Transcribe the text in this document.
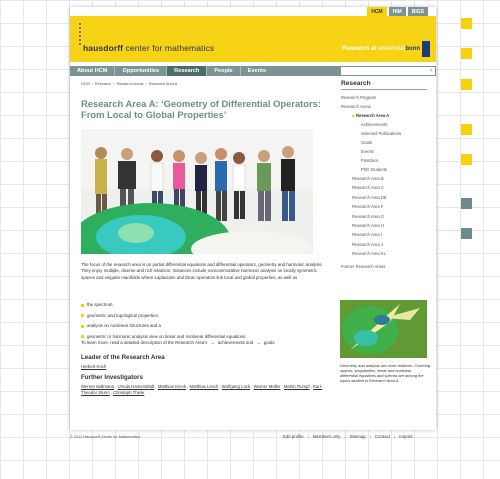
HCM	HIM	BIGS
hausdorff center for mathematics	Research at universitätbonn
About HCM	Opportunities	Research	People	Events	›
HCM › Research › Research Areas › Research Area A
Research Area A: ‘Geometry of Differential Operators: From Local to Global Properties’

The focus of the research area is on partial differential equations and differential operators, geometry and harmonic analysis. They enjoy multiple, diverse and rich relations. Instances include noncommutative harmonic analysis on locally symmetric spaces and singular manifolds where Laplacians and Dirac operators link local and global properties, as well as

the spectrum,
geometric and topological properties,
analysis on nonlinear structures and a
geometric or harmonic analysis view on linear and nonlinear differential equations.
To learn more, read a detailed description of the Research Area’s → achievements and → goals.
Leader of the Research Area
Herbert Koch
Further Investigators
Werner Ballmann, Ursula Hamenstädt, Matthias Kreck, Matthias Lesch, Wolfgang Lück, Werner Müller, Martin Rumpf, Karl-Theodor Sturm, Christoph Thiele
Research
Research Program
Research Areas
Research Area A
Achievements
Selected Publications
Goals
Events
Postdocs
PhD Students
Research Area B
Research Area C
Research Area DE
Research Area F
Research Area G
Research Area H
Research Area I
Research Area J
Research Area KL
Former Research Areas

Geometry and analysis are close relatives. Covering spaces, singularities, linear and nonlinear differential equations and spectra are among the topics studied in Research Area A.

© 2012 Hausdorff Center for Mathematics	Edit profile | Members only | Sitemap | Contact | Imprint
